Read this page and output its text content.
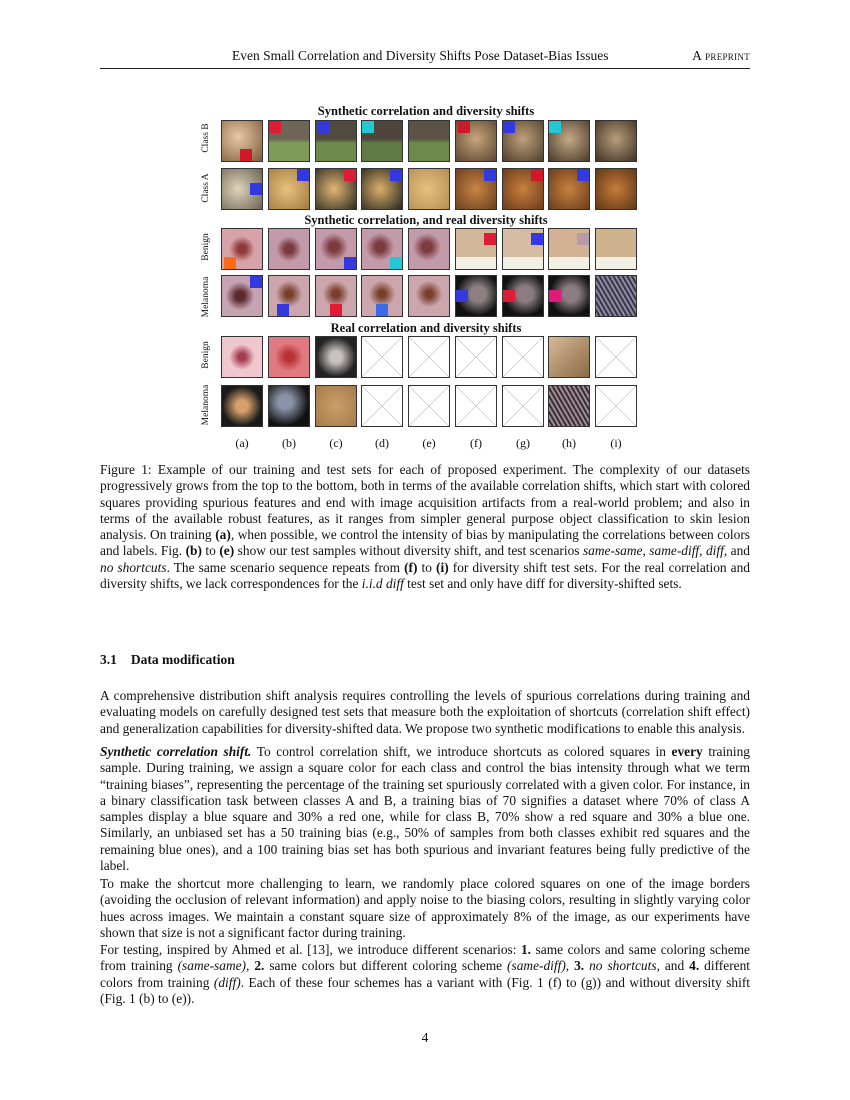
Even Small Correlation and Diversity Shifts Pose Dataset-Bias Issues	A preprint
Synthetic correlation and diversity shifts
Synthetic correlation, and real diversity shifts
Real correlation and diversity shifts
Class B
Class A
Benign
Melanoma
Benign
Melanoma
(a)	(b)	(c)	(d)	(e)	(f)	(g)	(h)	(i)
Figure 1: Example of our training and test sets for each of proposed experiment. The complexity of our datasets progressively grows from the top to the bottom, both in terms of the available correlation shifts, which start with colored squares providing spurious features and end with image acquisition artifacts from a real-world problem; and also in terms of the available robust features, as it ranges from simpler general purpose object classification to skin lesion analysis. On training (a), when possible, we control the intensity of bias by manipulating the correlations between colors and labels. Fig. (b) to (e) show our test samples without diversity shift, and test scenarios same-same, same-diff, diff, and no shortcuts. The same scenario sequence repeats from (f) to (i) for diversity shift test sets. For the real correlation and diversity shifts, we lack correspondences for the i.i.d diff test set and only have diff for diversity-shifted sets.
3.1 Data modification
A comprehensive distribution shift analysis requires controlling the levels of spurious correlations during training and evaluating models on carefully designed test sets that measure both the exploitation of shortcuts (correlation shift effect) and generalization capabilities for diversity-shifted data. We propose two synthetic modifications to enable this analysis.
Synthetic correlation shift. To control correlation shift, we introduce shortcuts as colored squares in every training sample. During training, we assign a square color for each class and control the bias intensity through what we term “training biases”, representing the percentage of the training set spuriously correlated with a given color. For instance, in a binary classification task between classes A and B, a training bias of 70 signifies a dataset where 70% of class A samples display a blue square and 30% a red one, while for class B, 70% show a red square and 30% a blue one. Similarly, an unbiased set has a 50 training bias (e.g., 50% of samples from both classes exhibit red squares and the remaining blue ones), and a 100 training bias set has both spurious and invariant features being fully predictive of the label.
To make the shortcut more challenging to learn, we randomly place colored squares on one of the image borders (avoiding the occlusion of relevant information) and apply noise to the biasing colors, resulting in slightly varying color hues across images. We maintain a constant square size of approximately 8% of the image, as our experiments have shown that size is not a significant factor during training.
For testing, inspired by Ahmed et al. [13], we introduce different scenarios: 1. same colors and same coloring scheme from training (same-same), 2. same colors but different coloring scheme (same-diff), 3. no shortcuts, and 4. different colors from training (diff). Each of these four schemes has a variant with (Fig. 1 (f) to (g)) and without diversity shift (Fig. 1 (b) to (e)).
4
